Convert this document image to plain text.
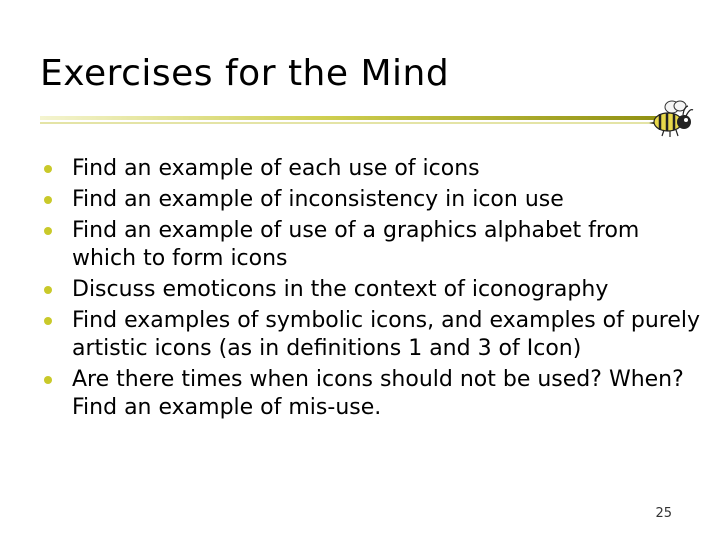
Exercises for the Mind
Find an example of each use of icons
Find an example of inconsistency in icon use
Find an example of use of a graphics alphabet from which to form icons
Discuss emoticons in the context of iconography
Find examples of symbolic icons, and examples of purely artistic icons (as in definitions 1 and 3 of Icon)
Are there times when icons should not be used? When? Find an example of mis-use.
25
